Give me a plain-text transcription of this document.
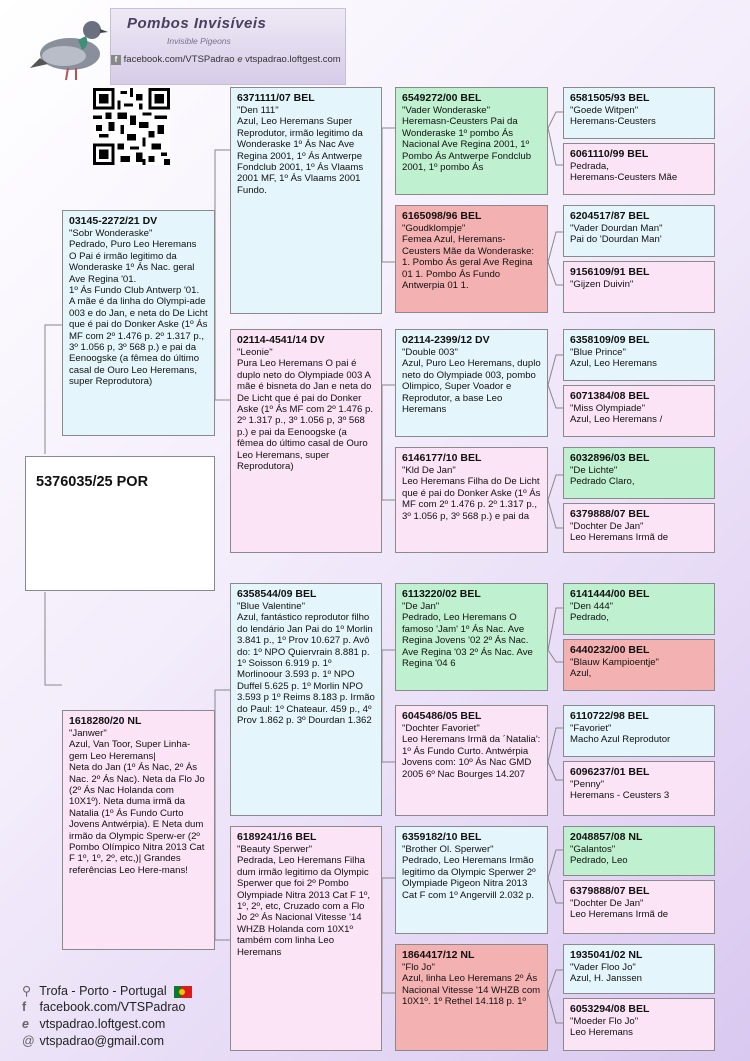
Pombos Invisíveis
Invisible Pigeons
f facebook.com/VTSPadrao e vtspadrao.loftgest.com
5376035/25 POR
03145-2272/21 DV
"Sobr Wonderaske"
Pedrado, Puro Leo Heremans
O Pai é irmão legitimo da Wonderaske 1º Ás Nac. geral Ave Regina '01.
1º Ás Fundo Club Antwerp '01.
A mãe é da linha do Olympi-ade 003 e do Jan, e neta do De Licht que é pai do Donker Aske (1º Ás MF com 2º 1.476 p. 2º 1.317 p., 3º 1.056 p, 3º 568 p.) e pai da Eenoogske (a fêmea do último casal de Ouro Leo Heremans, super Reprodutora)
1618280/20 NL
"Janwer"
Azul, Van Toor, Super Linha-gem Leo Heremans|
Neta do Jan (1º Ás Nac, 2º Ás Nac. 2º Ás Nac). Neta da Flo Jo (2º Ás Nac Holanda com 10X1º). Neta duma irmã da Natalia (1º Ás Fundo Curto Jovens Antwérpia). E Neta dum irmão da Olympic Sperw-er (2º Pombo Olímpico Nitra 2013 Cat F 1º, 1º, 2º, etc,)| Grandes referências Leo Here-mans!
6371111/07 BEL
"Den 111"
Azul, Leo Heremans Super Reprodutor, irmão legitimo da Wonderaske 1º Ás Nac Ave Regina 2001, 1º Ás Antwerpe Fondclub 2001, 1º Ás Vlaams 2001 MF, 1º Ás Vlaams 2001 Fundo.
02114-4541/14 DV
"Leonie"
Pura Leo Heremans O pai é duplo neto do Olympiade 003 A mãe é bisneta do Jan e neta do De Licht que é pai do Donker Aske (1º Ás MF com 2º 1.476 p. 2º 1.317 p., 3º 1.056 p, 3º 568 p.) e pai da Eenoogske (a fêmea do último casal de Ouro Leo Heremans, super Reprodutora)
6358544/09 BEL
"Blue Valentine"
Azul, fantástico reprodutor filho do lendário Jan Pai do 1º Morlin 3.841 p., 1º Prov 10.627 p. Avô do: 1º NPO Quiervrain 8.881 p. 1º Soisson 6.919 p. 1º Morlinoour 3.593 p. 1º NPO Duffel 5.625 p. 1º Morlin NPO 3.593 p 1º Reims 8.183 p. Irmão do Paul: 1º Chateaur. 459 p., 4º Prov 1.862 p. 3º Dourdan 1.362
6189241/16 BEL
"Beauty Sperwer"
Pedrada, Leo Heremans Filha dum irmão legitimo da Olympic Sperwer que foi 2º Pombo Olympiade Nitra 2013 Cat F 1º, 1º, 2º, etc, Cruzado com a Flo Jo 2º Ás Nacional Vitesse '14 WHZB Holanda com 10X1º também com linha Leo Heremans
6549272/00 BEL
"Vader Wonderaske"
Heremasn-Ceusters Pai da Wonderaske 1º pombo Ás Nacional Ave Regina 2001, 1º Pombo Ás Antwerpe Fondclub 2001, 1º pombo Ás
6165098/96 BEL
"Goudklompje"
Femea Azul, Heremans-Ceusters Mãe da Wonderaske: 1. Pombo Ás geral Ave Regina 01 1. Pombo Ás Fundo Antwerpia 01 1.
02114-2399/12 DV
"Double 003"
Azul, Puro Leo Heremans, duplo neto do Olympiade 003, pombo Olimpico, Super Voador e Reprodutor, a base Leo Heremans
6146177/10 BEL
"Kld De Jan"
Leo Heremans Filha do De Licht que é pai do Donker Aske (1º Ás MF com 2º 1.476 p. 2º 1.317 p., 3º 1.056 p, 3º 568 p.) e pai da
6113220/02 BEL
"De Jan"
Pedrado, Leo Heremans O famoso 'Jam' 1º Ás Nac. Ave Regina Jovens '02 2º Ás Nac. Ave Regina '03 2º Ás Nac. Ave Regina '04 6
6045486/05 BEL
"Dochter Favoriet"
Leo Heremans Irmã da ´Natalia': 1º Ás Fundo Curto. Antwérpia Jovens com: 10º Ás Nac GMD 2005 6º Nac Bourges 14.207
6359182/10 BEL
"Brother Ol. Sperwer"
Pedrado, Leo Heremans Irmão legitimo da Olympic Sperwer 2º Olympiade Pigeon Nitra 2013 Cat F com 1º Angervill 2.032 p.
1864417/12 NL
"Flo Jo"
Azul, linha Leo Heremans 2º Ás Nacional Vitesse '14 WHZB com 10X1º. 1º Rethel 14.118 p. 1º
6581505/93 BEL
"Goede Witpen"
Heremans-Ceusters
6061110/99 BEL
Pedrada,
Heremans-Ceusters Mãe
6204517/87 BEL
"Vader Dourdan Man"
Pai do 'Dourdan Man'
9156109/91 BEL
"Gijzen Duivin"
6358109/09 BEL
"Blue Prince"
Azul, Leo Heremans
6071384/08 BEL
"Miss Olympiade"
Azul, Leo Heremans /
6032896/03 BEL
"De Lichte"
Pedrado Claro,
6379888/07 BEL
"Dochter De Jan"
Leo Heremans Irmã de
6141444/00 BEL
"Den 444"
Pedrado,
6440232/00 BEL
"Blauw Kampioentje"
Azul,
6110722/98 BEL
"Favoriet"
Macho Azul Reprodutor
6096237/01 BEL
"Penny"
Heremans - Ceusters 3
2048857/08 NL
"Galantos"
Pedrado, Leo
6379888/07 BEL
"Dochter De Jan"
Leo Heremans Irmã de
1935041/02 NL
"Vader Floo Jo"
Azul, H. Janssen
6053294/08 BEL
"Moeder Flo Jo"
Leo Heremans
⚲ Trofa - Porto - Portugal
f facebook.com/VTSPadrao
e vtspadrao.loftgest.com
@ vtspadrao@gmail.com
